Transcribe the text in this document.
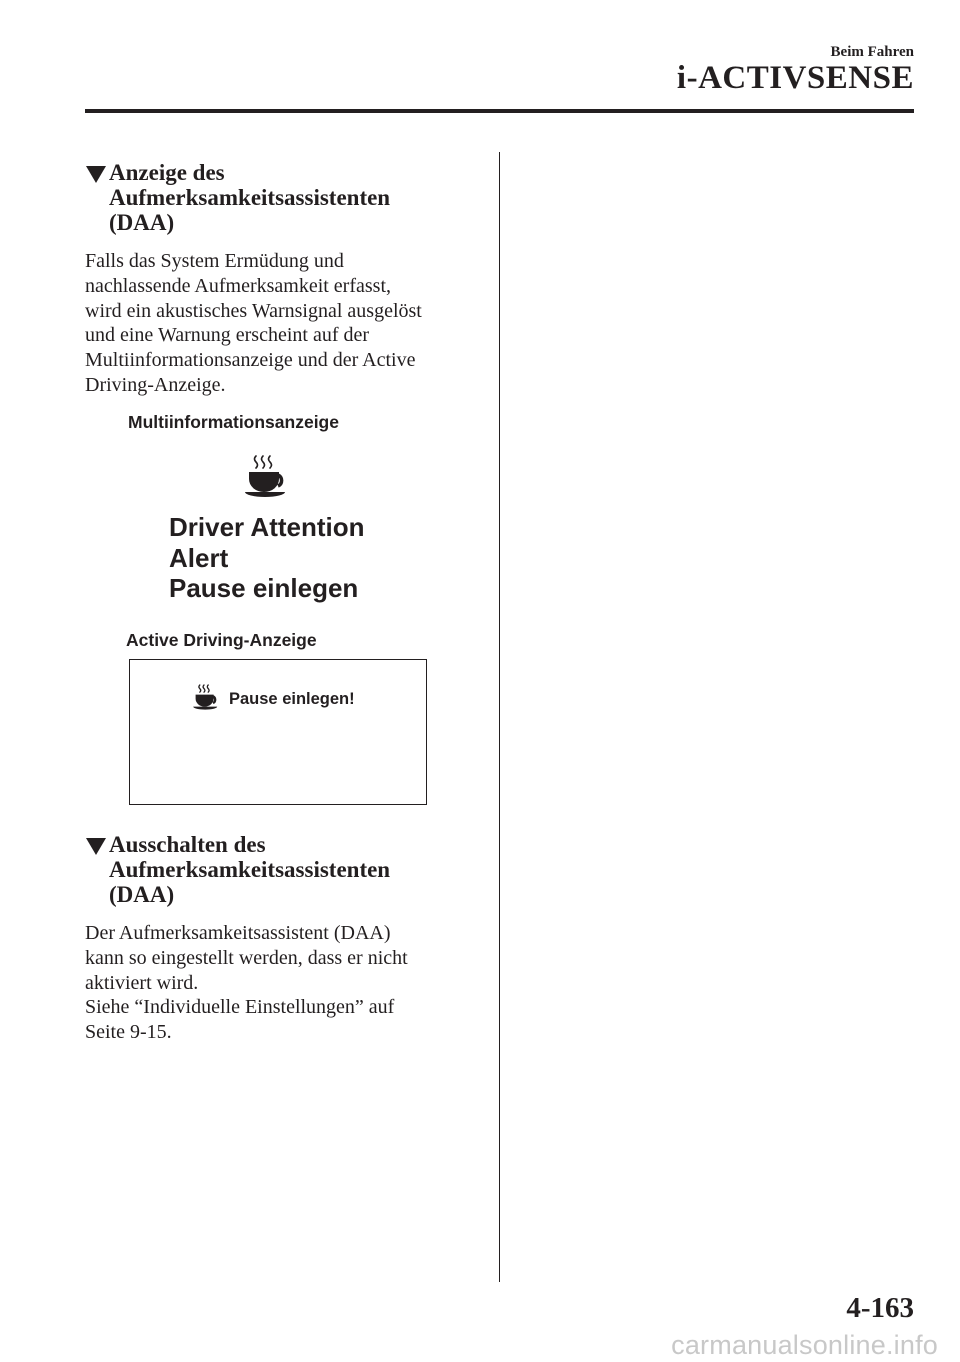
Beim Fahren
i-ACTIVSENSE
Anzeige des
Aufmerksamkeitsassistenten
(DAA)

Falls das System Ermüdung und
nachlassende Aufmerksamkeit erfasst,
wird ein akustisches Warnsignal ausgelöst
und eine Warnung erscheint auf der
Multiinformationsanzeige und der Active
Driving-Anzeige.

Multiinformationsanzeige
Driver Attention
Alert
Pause einlegen
Active Driving-Anzeige
Pause einlegen!
Ausschalten des
Aufmerksamkeitsassistenten
(DAA)

Der Aufmerksamkeitsassistent (DAA)
kann so eingestellt werden, dass er nicht
aktiviert wird.
Siehe “Individuelle Einstellungen” auf
Seite 9-15.

4-163
carmanualsonline.info
